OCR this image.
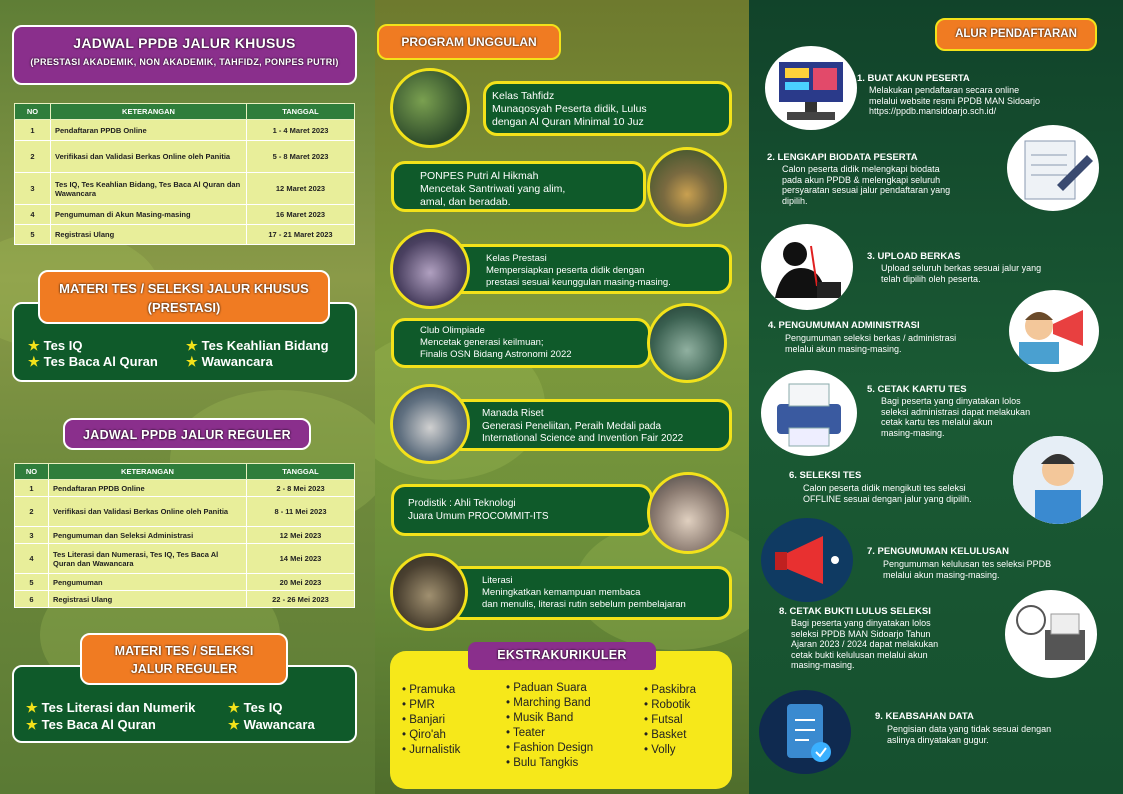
JADWAL PPDB JALUR KHUSUS
(PRESTASI AKADEMIK, NON AKADEMIK, TAHFIDZ, PONPES PUTRI)
NO	KETERANGAN	TANGGAL
1	Pendaftaran PPDB Online	1 - 4 Maret 2023
2	Verifikasi dan Validasi Berkas Online oleh Panitia	5 - 8 Maret 2023
3	Tes IQ, Tes Keahlian Bidang, Tes Baca Al Quran dan Wawancara	12 Maret 2023
4	Pengumuman di Akun Masing-masing	16 Maret 2023
5	Registrasi Ulang	17 - 21 Maret 2023
★ Tes IQ
★ Tes Baca Al Quran
★ Tes Keahlian Bidang
★ Wawancara
MATERI TES / SELEKSI JALUR KHUSUS
(PRESTASI)
JADWAL PPDB JALUR REGULER
NO	KETERANGAN	TANGGAL
1	Pendaftaran PPDB Online	2 - 8 Mei 2023
2	Verifikasi dan Validasi Berkas Online oleh Panitia	8 - 11 Mei 2023
3	Pengumuman dan Seleksi Administrasi	12 Mei 2023
4	Tes Literasi dan Numerasi, Tes IQ, Tes Baca Al Quran dan Wawancara	14 Mei 2023
5	Pengumuman	20 Mei 2023
6	Registrasi Ulang	22 - 26 Mei 2023
★ Tes Literasi dan Numerik
★ Tes Baca Al Quran
★ Tes IQ
★ Wawancara
MATERI TES / SELEKSI
JALUR REGULER
PROGRAM UNGGULAN
Kelas Tahfidz
Munaqosyah Peserta didik, Lulus
dengan Al Quran Minimal 10 Juz
PONPES Putri Al Hikmah
Mencetak Santriwati yang alim,
amal, dan beradab.
Kelas Prestasi
Mempersiapkan peserta didik dengan
prestasi sesuai keunggulan masing-masing.
Club Olimpiade
Mencetak generasi keilmuan;
Finalis OSN Bidang Astronomi 2022
Manada Riset
Generasi Peneliitan, Peraih Medali pada
International Science and Invention Fair 2022
Prodistik : Ahli Teknologi
Juara Umum PROCOMMIT-ITS
Literasi
Meningkatkan kemampuan membaca
dan menulis, literasi rutin sebelum pembelajaran
• Pramuka
• PMR
• Banjari
• Qiro'ah
• Jurnalistik
• Paduan Suara
• Marching Band
• Musik Band
• Teater
• Fashion Design
• Bulu Tangkis
• Paskibra
• Robotik
• Futsal
• Basket
• Volly
EKSTRAKURIKULER
ALUR PENDAFTARAN
1. BUAT AKUN PESERTA
Melakukan pendaftaran secara online
melalui website resmi PPDB MAN Sidoarjo
https://ppdb.mansidoarjo.sch.id/
2. LENGKAPI BIODATA PESERTA
Calon peserta didik melengkapi biodata
pada akun PPDB & melengkapi seluruh
persyaratan sesuai jalur pendaftaran yang
dipilih.
3. UPLOAD BERKAS
Upload seluruh berkas sesuai jalur yang
telah dipilih oleh peserta.
4. PENGUMUMAN ADMINISTRASI
Pengumuman seleksi berkas / administrasi
melalui akun masing-masing.
5. CETAK KARTU TES
Bagi peserta yang dinyatakan lolos
seleksi administrasi dapat melakukan
cetak kartu tes melalui akun
masing-masing.
6. SELEKSI TES
Calon peserta didik mengikuti tes seleksi
OFFLINE sesuai dengan jalur yang dipilih.
7. PENGUMUMAN KELULUSAN
Pengumuman kelulusan tes seleksi PPDB
melalui akun masing-masing.
8. CETAK BUKTI LULUS SELEKSI
Bagi peserta yang dinyatakan lolos
seleksi PPDB MAN Sidoarjo Tahun
Ajaran 2023 / 2024 dapat melakukan
cetak bukti kelulusan melalui akun
masing-masing.
9. KEABSAHAN DATA
Pengisian data yang tidak sesuai dengan
aslinya dinyatakan gugur.
